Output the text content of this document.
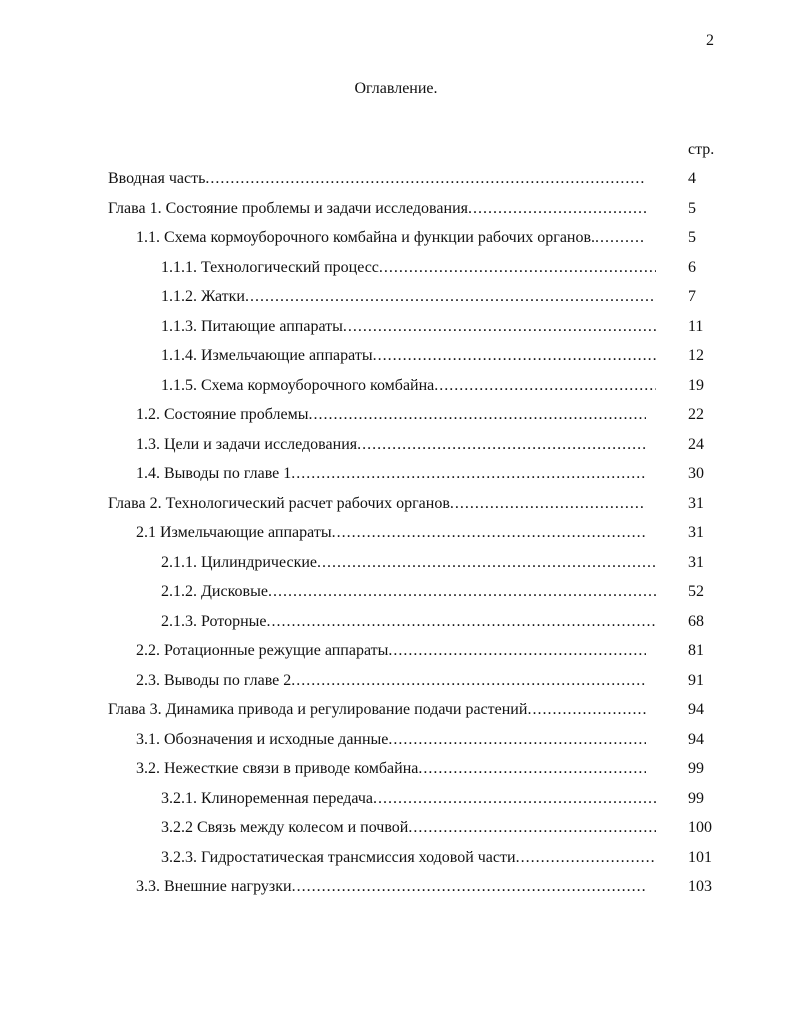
2
Оглавление.
стр.
Вводная часть .....	4
Глава 1. Состояние проблемы и задачи исследования .....	5
1.1. Схема кормоуборочного комбайна и функции рабочих органов. .....	5
1.1.1. Технологический процесс .....	6
1.1.2. Жатки .....	7
1.1.3. Питающие аппараты .....	11
1.1.4. Измельчающие аппараты .....	12
1.1.5. Схема кормоуборочного комбайна .....	19
1.2. Состояние проблемы .....	22
1.3. Цели и задачи исследования .....	24
1.4. Выводы по главе 1 .....	30
Глава 2. Технологический расчет рабочих органов .....	31
2.1 Измельчающие аппараты .....	31
2.1.1. Цилиндрические .....	31
2.1.2. Дисковые .....	52
2.1.3. Роторные .....	68
2.2. Ротационные режущие аппараты .....	81
2.3. Выводы по главе 2 .....	91
Глава 3. Динамика привода и регулирование подачи растений .....	94
3.1. Обозначения и исходные данные .....	94
3.2. Нежесткие связи в приводе комбайна .....	99
3.2.1. Клиноременная передача .....	99
3.2.2 Связь между колесом и почвой .....	100
3.2.3. Гидростатическая трансмиссия ходовой части .....	101
3.3. Внешние нагрузки .....	103
